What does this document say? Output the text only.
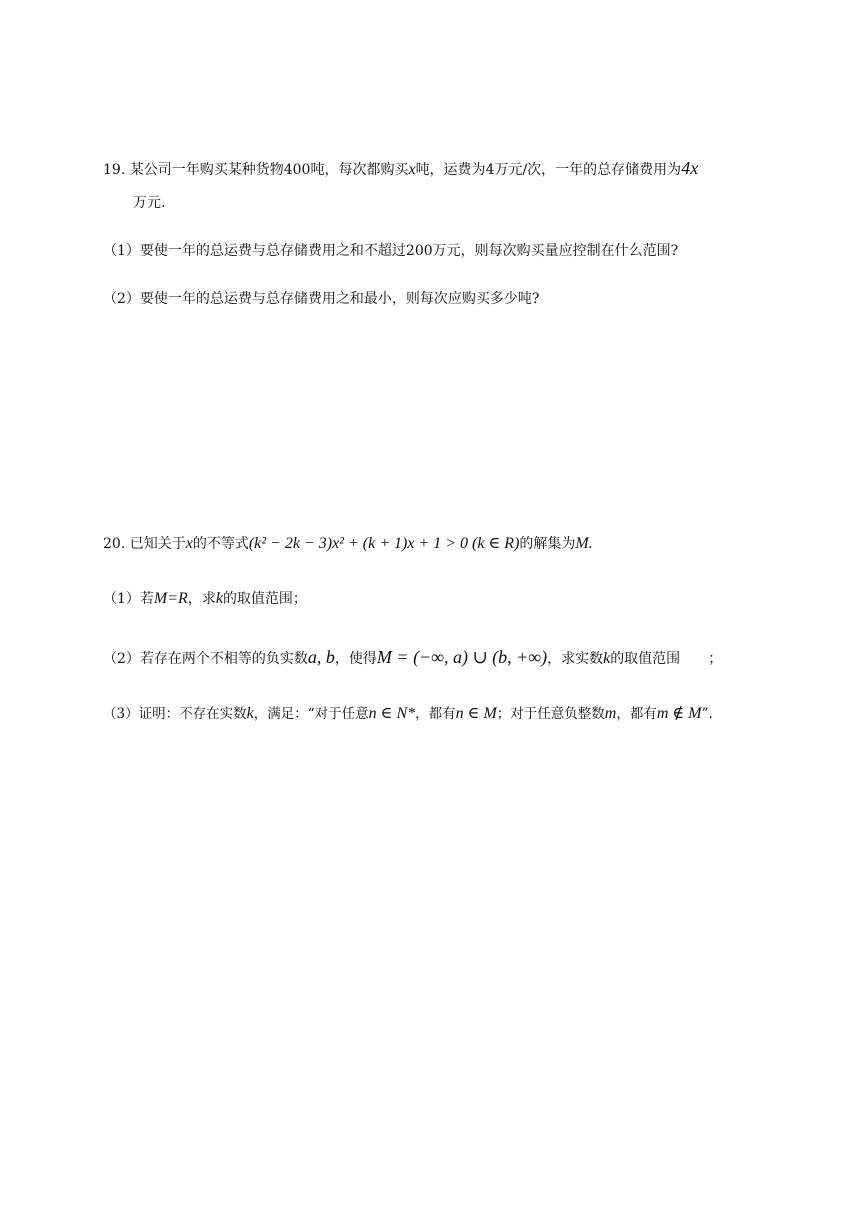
19. 某公司一年购买某种货物400吨，每次都购买x吨，运费为4万元/次，一年的总存储费用为4x
万元.
（1）要使一年的总运费与总存储费用之和不超过200万元，则每次购买量应控制在什么范围?
（2）要使一年的总运费与总存储费用之和最小，则每次应购买多少吨?
20. 已知关于x的不等式(k² − 2k − 3)x² + (k + 1)x + 1 > 0 (k ∈ R)的解集为M.
（1）若M=R，求k的取值范围；
（2）若存在两个不相等的负实数a, b，使得M = (−∞, a) ∪ (b, +∞)，求实数k的取值范围 ；
（3）证明：不存在实数k，满足：“对于任意n ∈ N*，都有n ∈ M；对于任意负整数m，都有m ∉ M”.
